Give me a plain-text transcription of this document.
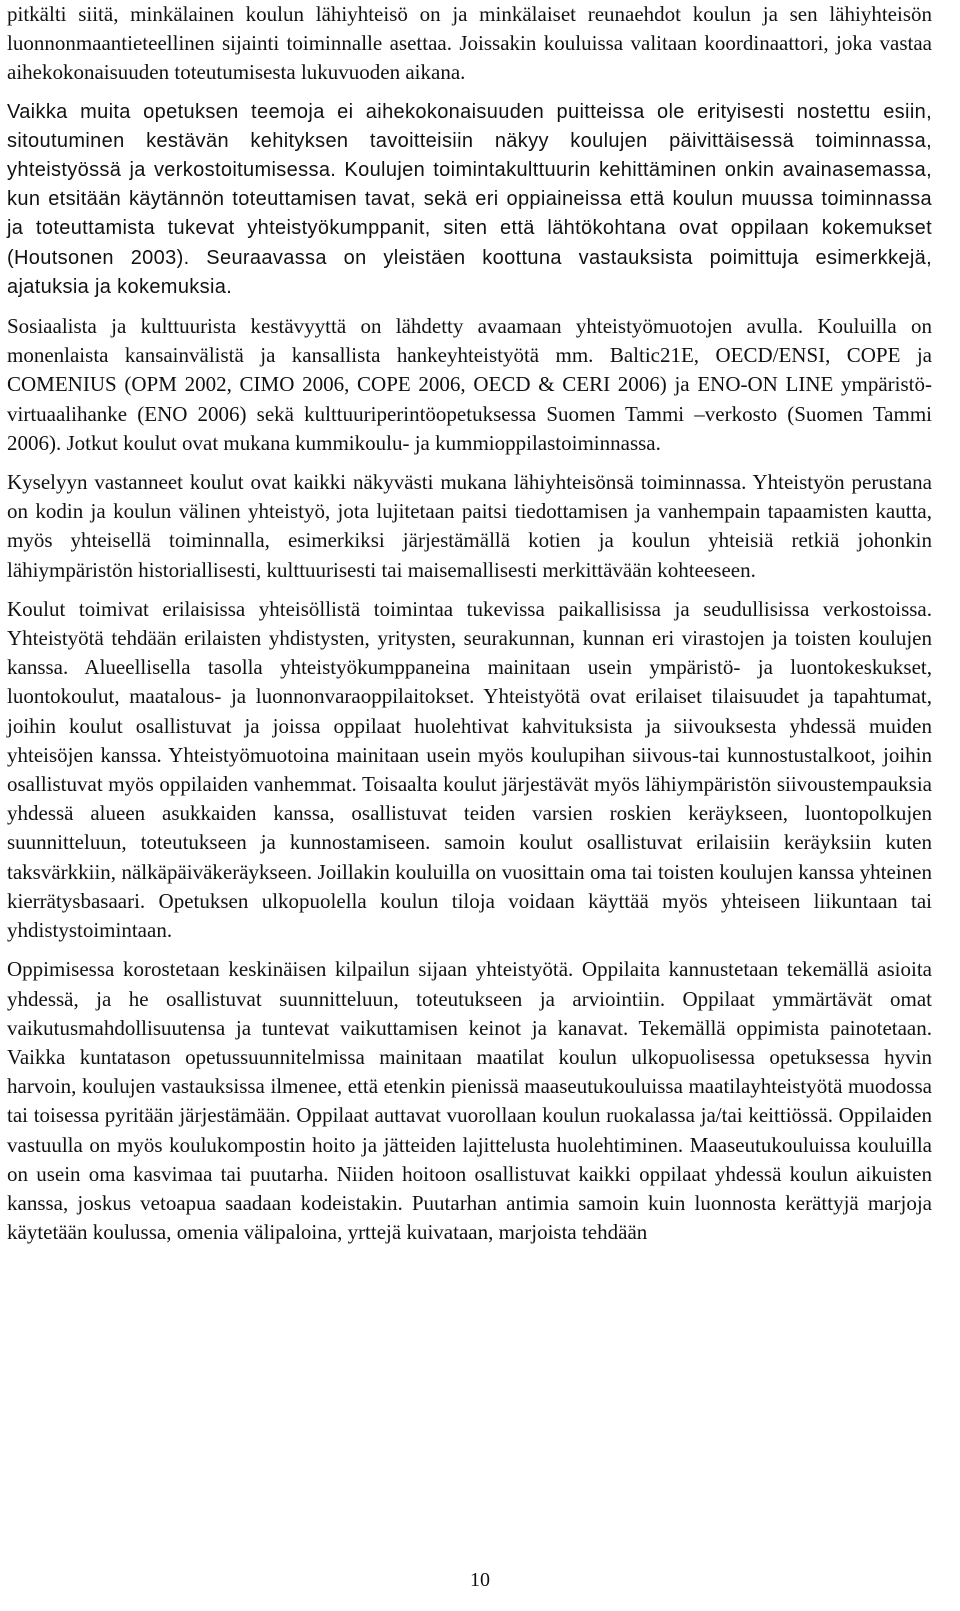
pitkälti siitä, minkälainen koulun lähiyhteisö on ja minkälaiset reunaehdot koulun ja sen lähiyhteisön luonnonmaantieteellinen sijainti toiminnalle asettaa. Joissakin kouluissa valitaan koordinaattori, joka vastaa aihekokonaisuuden toteutumisesta lukuvuoden aikana.

Vaikka muita opetuksen teemoja ei aihekokonaisuuden puitteissa ole erityisesti nostettu esiin, sitoutuminen kestävän kehityksen tavoitteisiin näkyy koulujen päivittäisessä toiminnassa, yhteistyössä ja verkostoitumisessa. Koulujen toimintakulttuurin kehittäminen onkin avainasemassa, kun etsitään käytännön toteuttamisen tavat, sekä eri oppiaineissa että koulun muussa toiminnassa ja toteuttamista tukevat yhteistyökumppanit, siten että lähtökohtana ovat oppilaan kokemukset (Houtsonen 2003). Seuraavassa on yleistäen koottuna vastauksista poimittuja esimerkkejä, ajatuksia ja kokemuksia.

Sosiaalista ja kulttuurista kestävyyttä on lähdetty avaamaan yhteistyömuotojen avulla. Kouluilla on monenlaista kansainvälistä ja kansallista hankeyhteistyötä mm. Baltic21E, OECD/ENSI, COPE ja COMENIUS (OPM 2002, CIMO 2006, COPE 2006, OECD & CERI 2006) ja ENO-ON LINE ympäristö-virtuaalihanke (ENO 2006) sekä kulttuuriperintöopetuksessa Suomen Tammi –verkosto (Suomen Tammi 2006). Jotkut koulut ovat mukana kummikoulu- ja kummioppilastoiminnassa.

Kyselyyn vastanneet koulut ovat kaikki näkyvästi mukana lähiyhteisönsä toiminnassa. Yhteistyön perustana on kodin ja koulun välinen yhteistyö, jota lujitetaan paitsi tiedottamisen ja vanhempain tapaamisten kautta, myös yhteisellä toiminnalla, esimerkiksi järjestämällä kotien ja koulun yhteisiä retkiä johonkin lähiympäristön historiallisesti, kulttuurisesti tai maisemallisesti merkittävään kohteeseen.

Koulut toimivat erilaisissa yhteisöllistä toimintaa tukevissa paikallisissa ja seudullisissa verkostoissa. Yhteistyötä tehdään erilaisten yhdistysten, yritysten, seurakunnan, kunnan eri virastojen ja toisten koulujen kanssa. Alueellisella tasolla yhteistyökumppaneina mainitaan usein ympäristö- ja luontokeskukset, luontokoulut, maatalous- ja luonnonvaraoppilaitokset. Yhteistyötä ovat erilaiset tilaisuudet ja tapahtumat, joihin koulut osallistuvat ja joissa oppilaat huolehtivat kahvituksista ja siivouksesta yhdessä muiden yhteisöjen kanssa. Yhteistyömuotoina mainitaan usein myös koulupihan siivous-tai kunnostustalkoot, joihin osallistuvat myös oppilaiden vanhemmat. Toisaalta koulut järjestävät myös lähiympäristön siivoustempauksia yhdessä alueen asukkaiden kanssa, osallistuvat teiden varsien roskien keräykseen, luontopolkujen suunnitteluun, toteutukseen ja kunnostamiseen. samoin koulut osallistuvat erilaisiin keräyksiin kuten taksvärkkiin, nälkäpäiväkeräykseen. Joillakin kouluilla on vuosittain oma tai toisten koulujen kanssa yhteinen kierrätysbasaari. Opetuksen ulkopuolella koulun tiloja voidaan käyttää myös yhteiseen liikuntaan tai yhdistystoimintaan.

Oppimisessa korostetaan keskinäisen kilpailun sijaan yhteistyötä. Oppilaita kannustetaan tekemällä asioita yhdessä, ja he osallistuvat suunnitteluun, toteutukseen ja arviointiin. Oppilaat ymmärtävät omat vaikutusmahdollisuutensa ja tuntevat vaikuttamisen keinot ja kanavat. Tekemällä oppimista painotetaan. Vaikka kuntatason opetussuunnitelmissa mainitaan maatilat koulun ulkopuolisessa opetuksessa hyvin harvoin, koulujen vastauksissa ilmenee, että etenkin pienissä maaseutukouluissa maatilayhteistyötä muodossa tai toisessa pyritään järjestämään. Oppilaat auttavat vuorollaan koulun ruokalassa ja/tai keittiössä. Oppilaiden vastuulla on myös koulukompostin hoito ja jätteiden lajittelusta huolehtiminen. Maaseutukouluissa kouluilla on usein oma kasvimaa tai puutarha. Niiden hoitoon osallistuvat kaikki oppilaat yhdessä koulun aikuisten kanssa, joskus vetoapua saadaan kodeistakin. Puutarhan antimia samoin kuin luonnosta kerättyjä marjoja käytetään koulussa, omenia välipaloina, yrttejä kuivataan, marjoista tehdään

10
